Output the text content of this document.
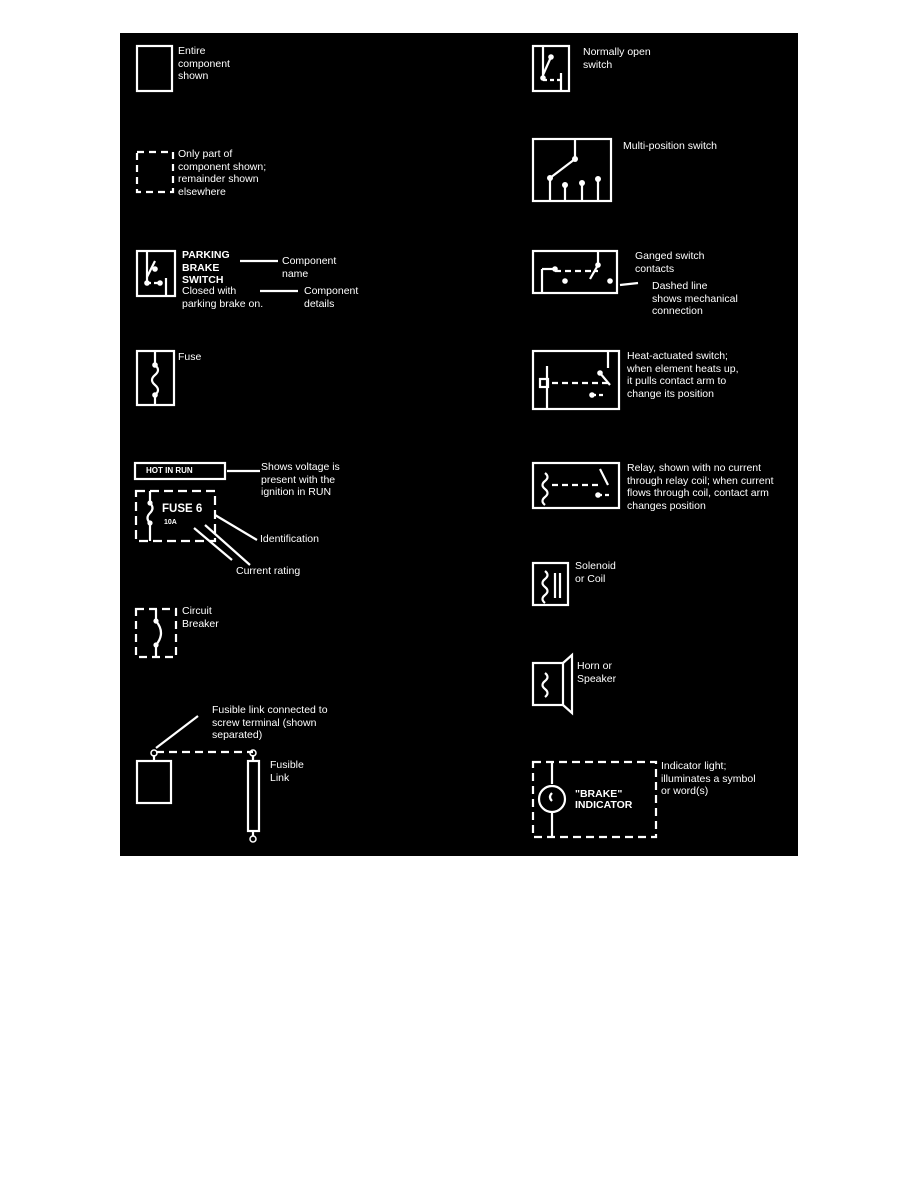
Entire
component
shown
Only part of
component shown;
remainder shown
elsewhere
PARKING
BRAKE
SWITCH
Closed with
parking brake on.
Component
name
Component
details
Fuse
HOT IN RUN	Shows voltage is
present with the
ignition in RUN
FUSE 6
10A
Identification
Current rating
Circuit
Breaker
Fusible link connected to
screw terminal (shown
separated)
Fusible
Link
Normally open
switch
Multi-position switch
Ganged switch
contacts
Dashed line
shows mechanical
connection
Heat-actuated switch;
when element heats up,
it pulls contact arm to
change its position
Relay, shown with no current
through relay coil; when current
flows through coil, contact arm
changes position
Solenoid
or Coil
Horn or
Speaker
"BRAKE"
INDICATOR
Indicator light;
illuminates a symbol
or word(s)
